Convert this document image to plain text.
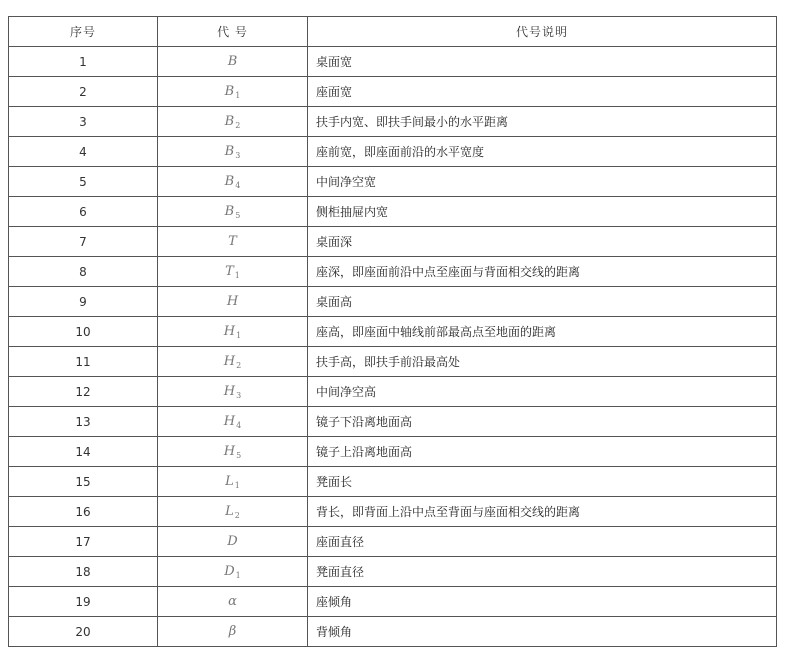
序号	代 号	代号说明
1	B	桌面宽
2	$B_1$	座面宽
3	$B_2$	扶手内宽、即扶手间最小的水平距离
4	$B_3$	座前宽，即座面前沿的水平宽度
5	$B_4$	中间净空宽
6	$B_5$	侧柜抽屉内宽
7	T	桌面深
8	$T_1$	座深，即座面前沿中点至座面与背面相交线的距离
9	H	桌面高
10	$H_1$	座高，即座面中轴线前部最高点至地面的距离
11	$H_2$	扶手高，即扶手前沿最高处
12	$H_3$	中间净空高
13	$H_4$	镜子下沿离地面高
14	$H_5$	镜子上沿离地面高
15	$L_1$	凳面长
16	$L_2$	背长，即背面上沿中点至背面与座面相交线的距离
17	D	座面直径
18	$D_1$	凳面直径
19	α	座倾角
20	β	背倾角
